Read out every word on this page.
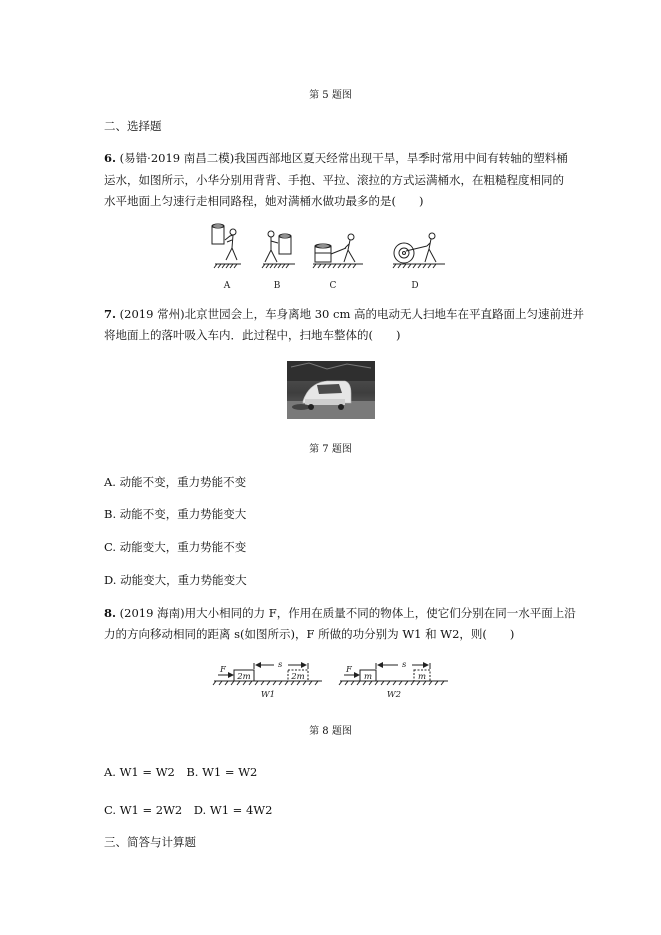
第 5 题图
二、选择题
6. (易错·2019 南昌二模)我国西部地区夏天经常出现干旱，旱季时常用中间有转轴的塑料桶
运水，如图所示，小华分别用背背、手抱、平拉、滚拉的方式运满桶水，在粗糙程度相同的
水平地面上匀速行走相同路程，她对满桶水做功最多的是(　　)
A	B	C	D
7. (2019 常州)北京世园会上，车身离地 30 cm 高的电动无人扫地车在平直路面上匀速前进并
将地面上的落叶吸入车内．此过程中，扫地车整体的(　　)
第 7 题图
A. 动能不变，重力势能不变
B. 动能不变，重力势能变大
C. 动能变大，重力势能不变
D. 动能变大，重力势能变大
8. (2019 海南)用大小相同的力 F，作用在质量不同的物体上，使它们分别在同一水平面上沿
力的方向移动相同的距离 s(如图所示)，F 所做的功分别为 W1 和 W2，则(　　)
F	s
2m	2m
W1
F	s
m	m
W2
第 8 题图
A. W1 = W2　 B. W1 = W2
C. W1 = 2W2　 D. W1 = 4W2
三、简答与计算题
